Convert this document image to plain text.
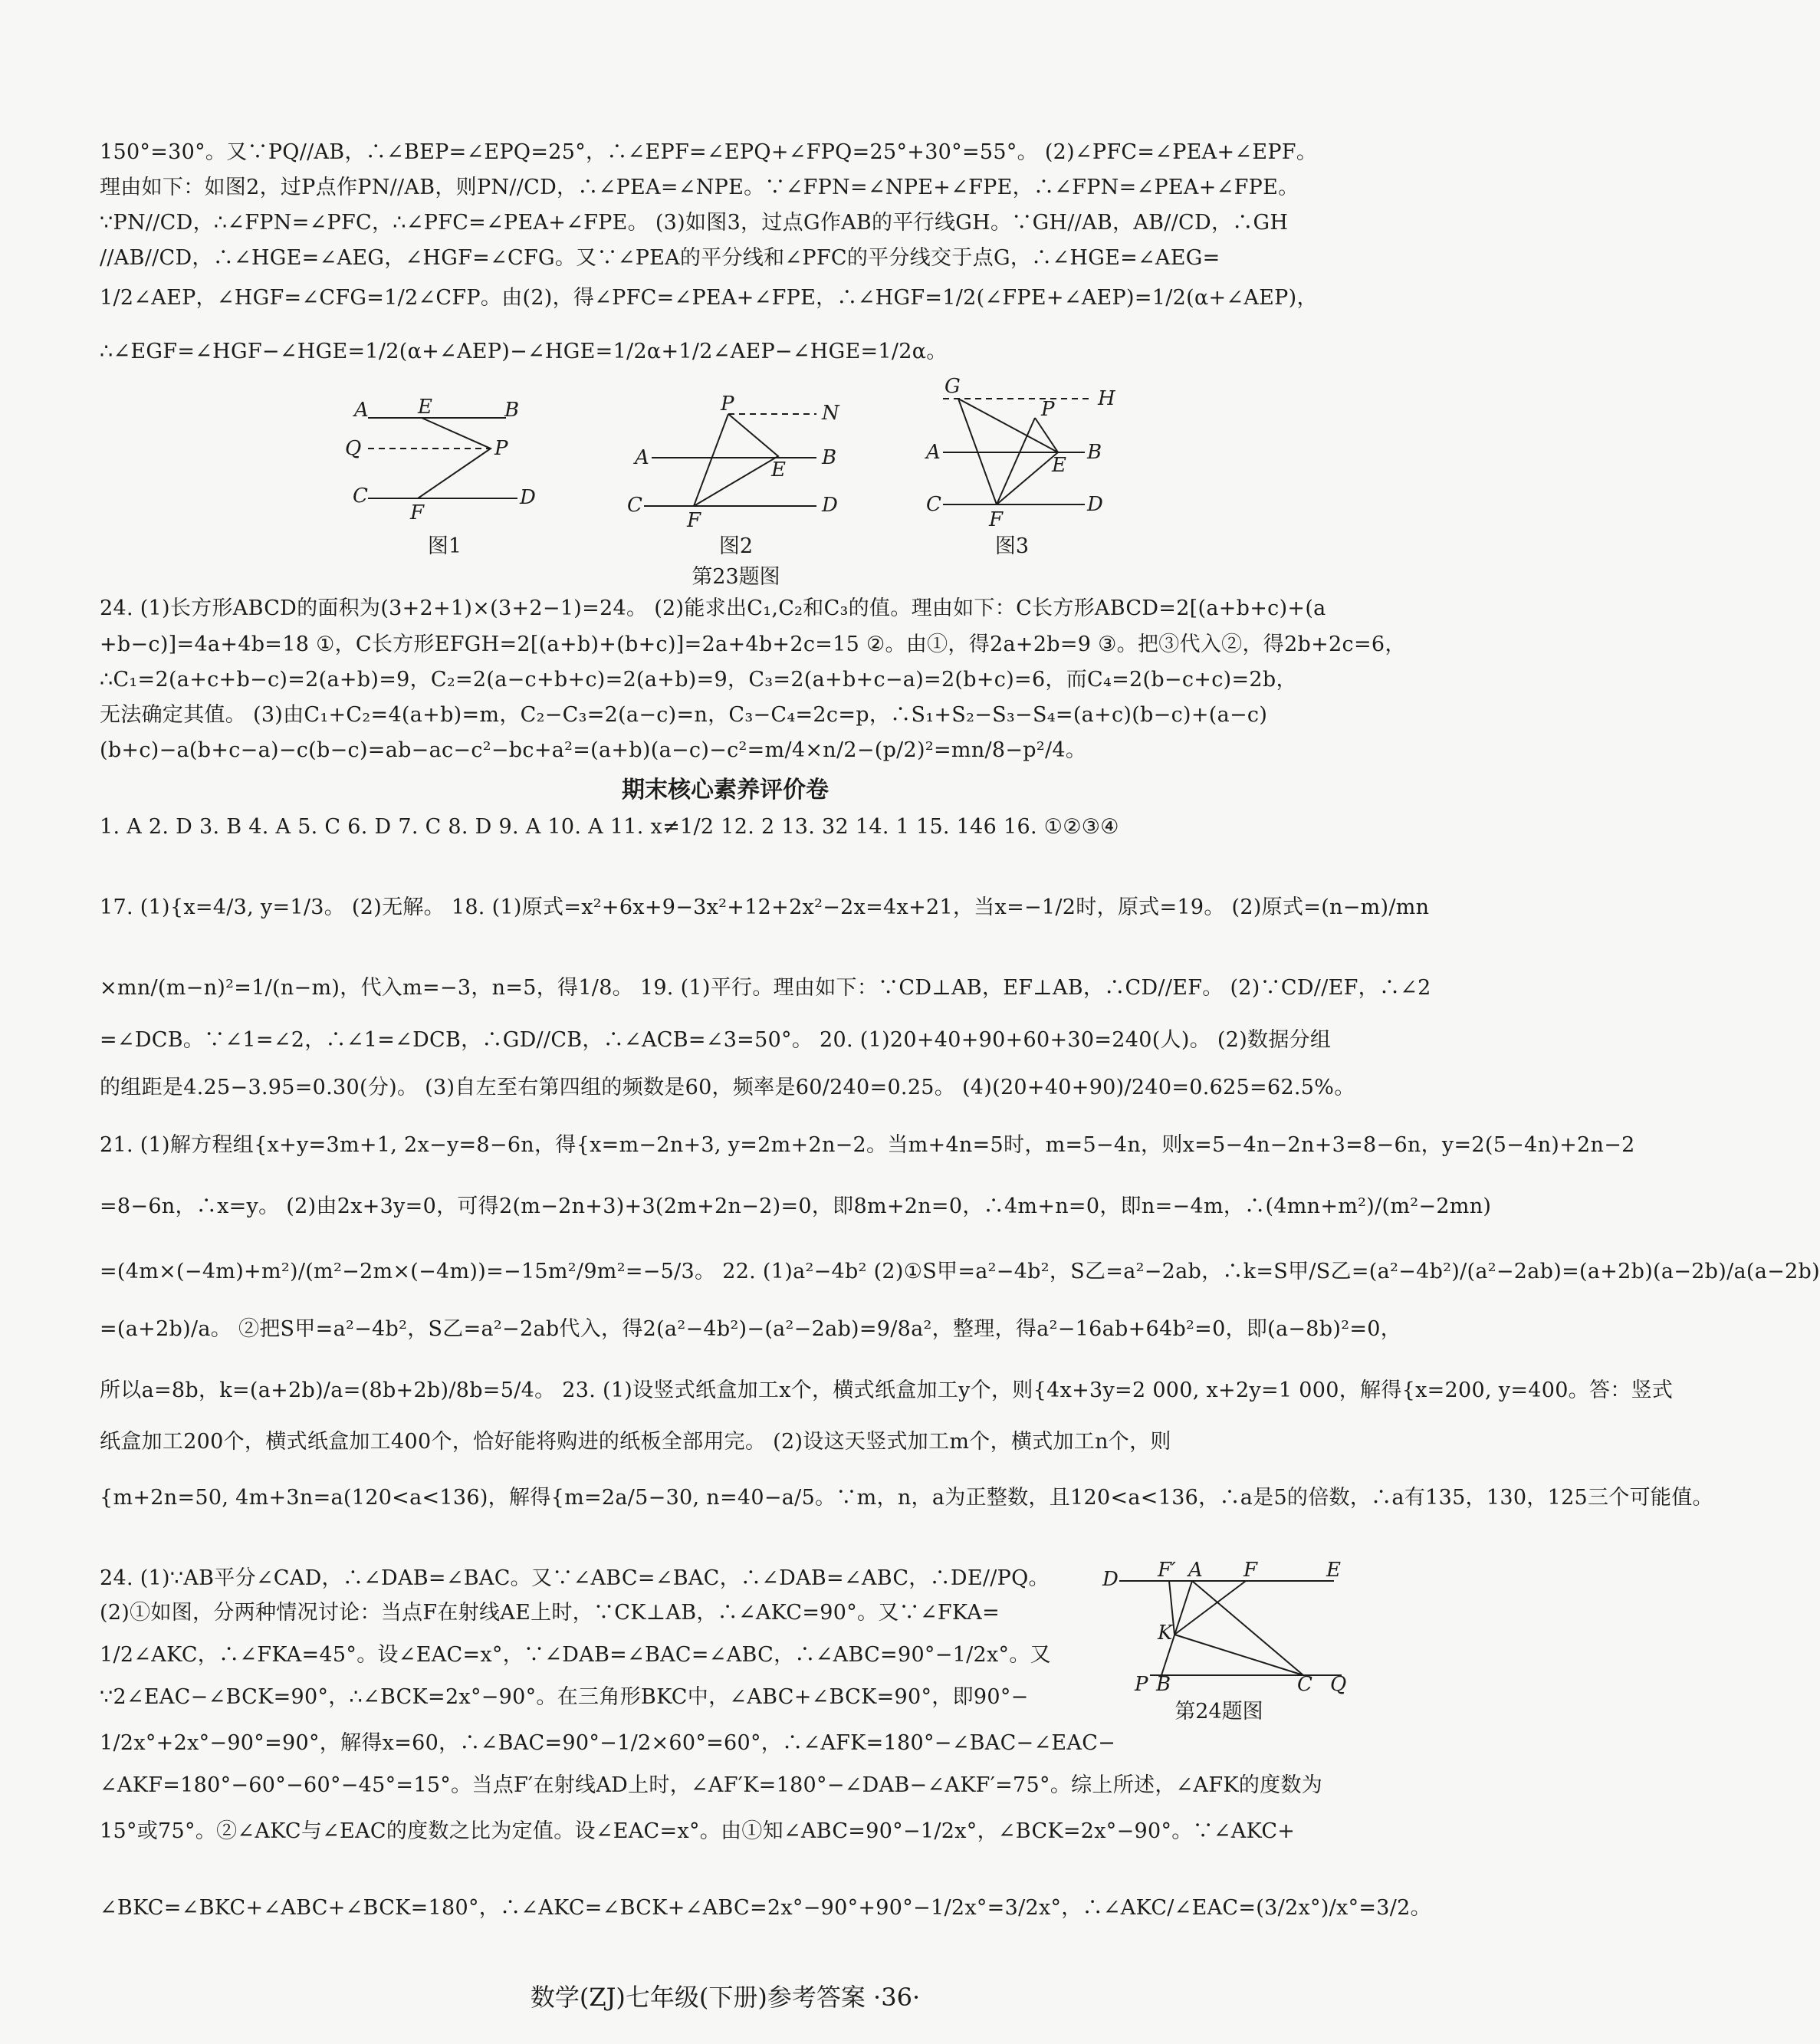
150°=30°。又∵PQ//AB，∴∠BEP=∠EPQ=25°，∴∠EPF=∠EPQ+∠FPQ=25°+30°=55°。 (2)∠PFC=∠PEA+∠EPF。
理由如下：如图2，过P点作PN//AB，则PN//CD，∴∠PEA=∠NPE。∵∠FPN=∠NPE+∠FPE，∴∠FPN=∠PEA+∠FPE。
∵PN//CD，∴∠FPN=∠PFC，∴∠PFC=∠PEA+∠FPE。 (3)如图3，过点G作AB的平行线GH。∵GH//AB，AB//CD，∴GH
//AB//CD，∴∠HGE=∠AEG，∠HGF=∠CFG。又∵∠PEA的平分线和∠PFC的平分线交于点G，∴∠HGE=∠AEG=
1/2∠AEP，∠HGF=∠CFG=1/2∠CFP。由(2)，得∠PFC=∠PEA+∠FPE，∴∠HGF=1/2(∠FPE+∠AEP)=1/2(α+∠AEP)，
∴∠EGF=∠HGF−∠HGE=1/2(α+∠AEP)−∠HGE=1/2α+1/2∠AEP−∠HGE=1/2α。
A E	B
Q	P
C
F
D
图1
P	N
A
E
B
C
F
D
图2
G
H
P
A
E
B
C
F
D
图3
第23题图
24. (1)长方形ABCD的面积为(3+2+1)×(3+2−1)=24。 (2)能求出C₁,C₂和C₃的值。理由如下：C长方形ABCD=2[(a+b+c)+(a
+b−c)]=4a+4b=18 ①，C长方形EFGH=2[(a+b)+(b+c)]=2a+4b+2c=15 ②。由①，得2a+2b=9 ③。把③代入②，得2b+2c=6，
∴C₁=2(a+c+b−c)=2(a+b)=9，C₂=2(a−c+b+c)=2(a+b)=9，C₃=2(a+b+c−a)=2(b+c)=6，而C₄=2(b−c+c)=2b，
无法确定其值。 (3)由C₁+C₂=4(a+b)=m，C₂−C₃=2(a−c)=n，C₃−C₄=2c=p，∴S₁+S₂−S₃−S₄=(a+c)(b−c)+(a−c)
(b+c)−a(b+c−a)−c(b−c)=ab−ac−c²−bc+a²=(a+b)(a−c)−c²=m/4×n/2−(p/2)²=mn/8−p²/4。
期末核心素养评价卷
1. A 2. D 3. B 4. A 5. C 6. D 7. C 8. D 9. A 10. A 11. x≠1/2 12. 2 13. 32 14. 1 15. 146 16. ①②③④
17. (1){x=4/3, y=1/3。 (2)无解。 18. (1)原式=x²+6x+9−3x²+12+2x²−2x=4x+21，当x=−1/2时，原式=19。 (2)原式=(n−m)/mn
×mn/(m−n)²=1/(n−m)，代入m=−3，n=5，得1/8。 19. (1)平行。理由如下：∵CD⊥AB，EF⊥AB，∴CD//EF。 (2)∵CD//EF，∴∠2
=∠DCB。∵∠1=∠2，∴∠1=∠DCB，∴GD//CB，∴∠ACB=∠3=50°。 20. (1)20+40+90+60+30=240(人)。 (2)数据分组
的组距是4.25−3.95=0.30(分)。 (3)自左至右第四组的频数是60，频率是60/240=0.25。 (4)(20+40+90)/240=0.625=62.5%。
21. (1)解方程组{x+y=3m+1, 2x−y=8−6n，得{x=m−2n+3, y=2m+2n−2。当m+4n=5时，m=5−4n，则x=5−4n−2n+3=8−6n，y=2(5−4n)+2n−2
=8−6n，∴x=y。 (2)由2x+3y=0，可得2(m−2n+3)+3(2m+2n−2)=0，即8m+2n=0，∴4m+n=0，即n=−4m，∴(4mn+m²)/(m²−2mn)
=(4m×(−4m)+m²)/(m²−2m×(−4m))=−15m²/9m²=−5/3。 22. (1)a²−4b² (2)①S甲=a²−4b²，S乙=a²−2ab，∴k=S甲/S乙=(a²−4b²)/(a²−2ab)=(a+2b)(a−2b)/a(a−2b)
=(a+2b)/a。 ②把S甲=a²−4b²，S乙=a²−2ab代入，得2(a²−4b²)−(a²−2ab)=9/8a²，整理，得a²−16ab+64b²=0，即(a−8b)²=0，
所以a=8b，k=(a+2b)/a=(8b+2b)/8b=5/4。 23. (1)设竖式纸盒加工x个，横式纸盒加工y个，则{4x+3y=2 000, x+2y=1 000，解得{x=200, y=400。答：竖式
纸盒加工200个，横式纸盒加工400个，恰好能将购进的纸板全部用完。 (2)设这天竖式加工m个，横式加工n个，则
{m+2n=50, 4m+3n=a(120<a<136)，解得{m=2a/5−30, n=40−a/5。∵m，n，a为正整数，且120<a<136，∴a是5的倍数，∴a有135，130，125三个可能值。
24. (1)∵AB平分∠CAD，∴∠DAB=∠BAC。又∵∠ABC=∠BAC，∴∠DAB=∠ABC，∴DE//PQ。
(2)①如图，分两种情况讨论：当点F在射线AE上时，∵CK⊥AB，∴∠AKC=90°。又∵∠FKA=
1/2∠AKC，∴∠FKA=45°。设∠EAC=x°，∵∠DAB=∠BAC=∠ABC，∴∠ABC=90°−1/2x°。又
∵2∠EAC−∠BCK=90°，∴∠BCK=2x°−90°。在三角形BKC中，∠ABC+∠BCK=90°，即90°−
1/2x°+2x°−90°=90°，解得x=60，∴∠BAC=90°−1/2×60°=60°，∴∠AFK=180°−∠BAC−∠EAC−
∠AKF=180°−60°−60°−45°=15°。当点F′在射线AD上时，∠AF′K=180°−∠DAB−∠AKF′=75°。综上所述，∠AFK的度数为
15°或75°。②∠AKC与∠EAC的度数之比为定值。设∠EAC=x°。由①知∠ABC=90°−1/2x°，∠BCK=2x°−90°。∵∠AKC+
∠BKC=∠BKC+∠ABC+∠BCK=180°，∴∠AKC=∠BCK+∠ABC=2x°−90°+90°−1/2x°=3/2x°，∴∠AKC/∠EAC=(3/2x°)/x°=3/2。
D F′ A F	E
K
P B	C Q
第24题图
数学(ZJ)七年级(下册)参考答案 ·36·
